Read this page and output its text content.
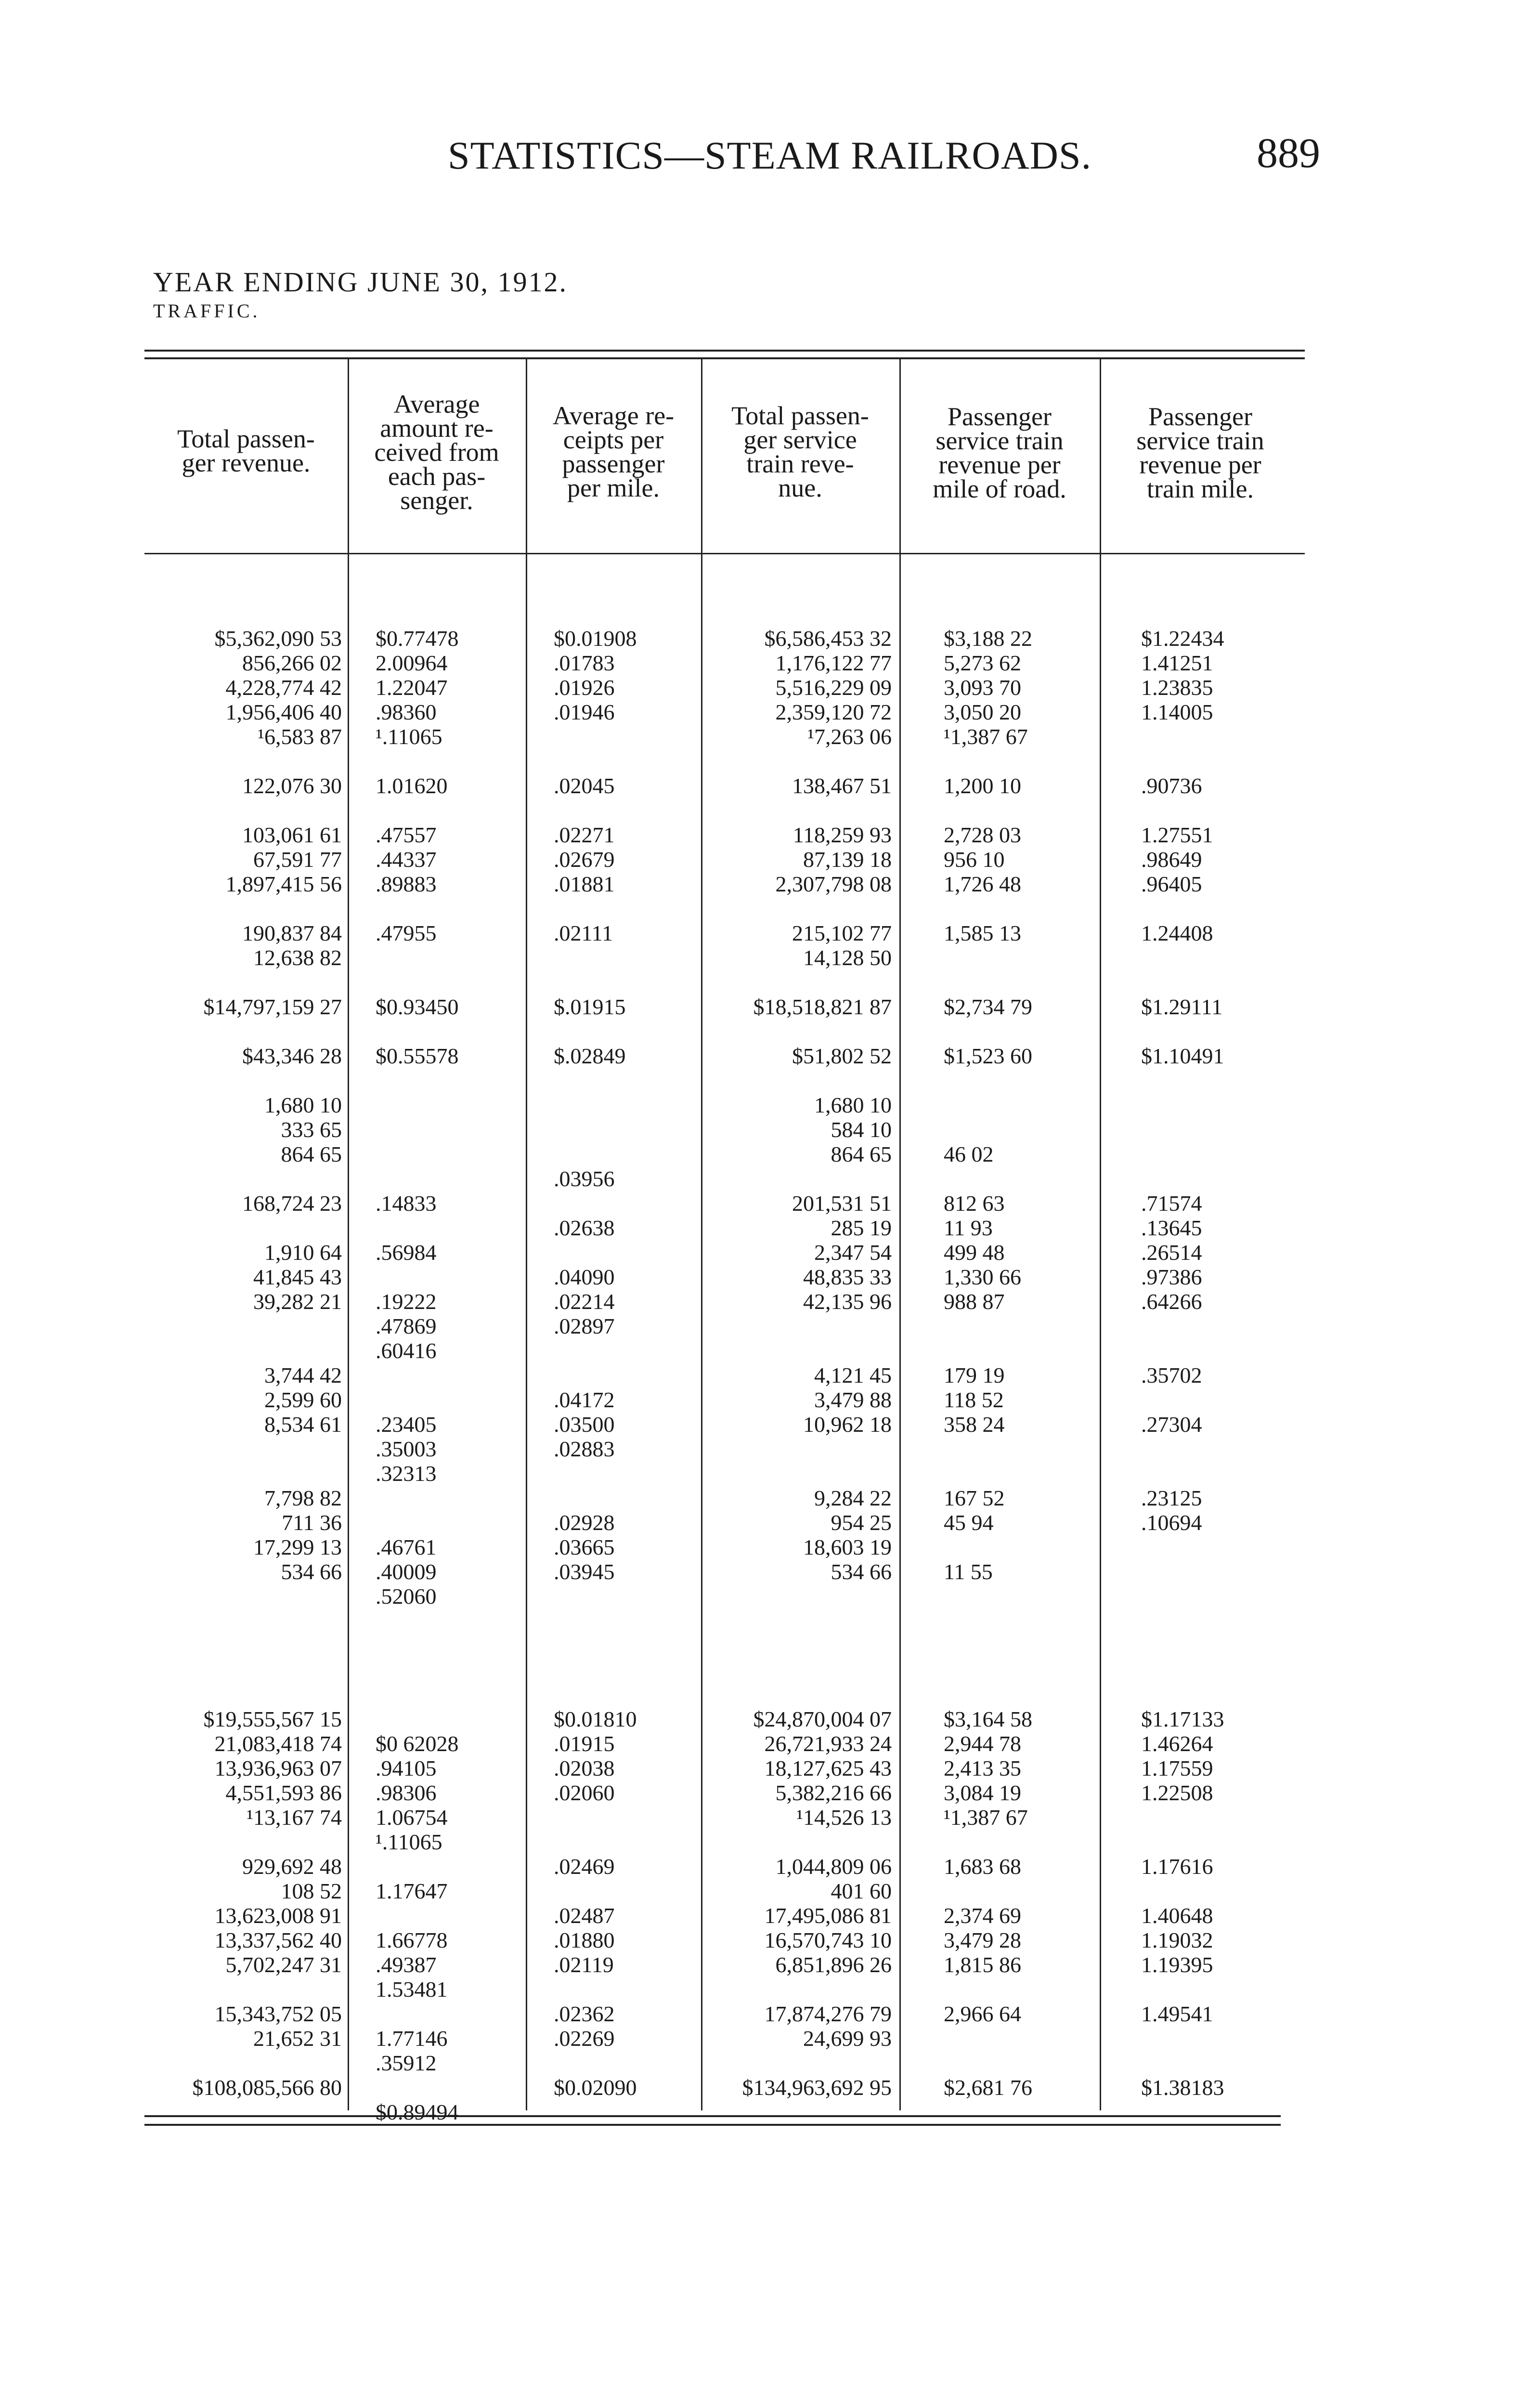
STATISTICS—STEAM RAILROADS.	889
YEAR ENDING JUNE 30, 1912.
TRAFFIC.
Total passen-
ger revenue.
Average
amount re-
ceived from
each pas-
senger.
Average re-
ceipts per
passenger
per mile.
Total passen-
ger service
train reve-
nue.
Passenger
service train
revenue per
mile of road.
Passenger
service train
revenue per
train mile.
$5,362,090 53
856,266 02
4,228,774 42
1,956,406 40
¹6,583 87
122,076 30
103,061 61
67,591 77
1,897,415 56
190,837 84
12,638 82
$14,797,159 27
$43,346 28
1,680 10
333 65
864 65
168,724 23
1,910 64
41,845 43
39,282 21
3,744 42
2,599 60
8,534 61
7,798 82
711 36
17,299 13
534 66
$19,555,567 15
21,083,418 74
13,936,963 07
4,551,593 86
¹13,167 74
929,692 48
108 52
13,623,008 91
13,337,562 40
5,702,247 31
15,343,752 05
21,652 31
$108,085,566 80
$0.77478
2.00964
1.22047
.98360
¹.11065
1.01620
.47557
.44337
.89883
.47955
$0.93450
$0.55578
.14833
.56984
.19222
.47869
.60416
.23405
.35003
.32313
.46761
.40009
.52060
$0 62028
.94105
.98306
1.06754
¹.11065
1.17647
1.66778
.49387
1.53481
1.77146
.35912
$0.89494
$0.01908
.01783
.01926
.01946
.02045
.02271
.02679
.01881
.02111
$.01915
$.02849
.03956
.02638
.04090
.02214
.02897
.04172
.03500
.02883
.02928
.03665
.03945
$0.01810
.01915
.02038
.02060
.02469
.02487
.01880
.02119
.02362
.02269
$0.02090
$6,586,453 32
1,176,122 77
5,516,229 09
2,359,120 72
¹7,263 06
138,467 51
118,259 93
87,139 18
2,307,798 08
215,102 77
14,128 50
$18,518,821 87
$51,802 52
1,680 10
584 10
864 65
201,531 51
285 19
2,347 54
48,835 33
42,135 96
4,121 45
3,479 88
10,962 18
9,284 22
954 25
18,603 19
534 66
$24,870,004 07
26,721,933 24
18,127,625 43
5,382,216 66
¹14,526 13
1,044,809 06
401 60
17,495,086 81
16,570,743 10
6,851,896 26
17,874,276 79
24,699 93
$134,963,692 95
$3,188 22
5,273 62
3,093 70
3,050 20
¹1,387 67
1,200 10
2,728 03
956 10
1,726 48
1,585 13
$2,734 79
$1,523 60
46 02
812 63
11 93
499 48
1,330 66
988 87
179 19
118 52
358 24
167 52
45 94
11 55
$3,164 58
2,944 78
2,413 35
3,084 19
¹1,387 67
1,683 68
2,374 69
3,479 28
1,815 86
2,966 64
$2,681 76
$1.22434
1.41251
1.23835
1.14005
.90736
1.27551
.98649
.96405
1.24408
$1.29111
$1.10491
.71574
.13645
.26514
.97386
.64266
.35702
.27304
.23125
.10694
$1.17133
1.46264
1.17559
1.22508
1.17616
1.40648
1.19032
1.19395
1.49541
$1.38183
